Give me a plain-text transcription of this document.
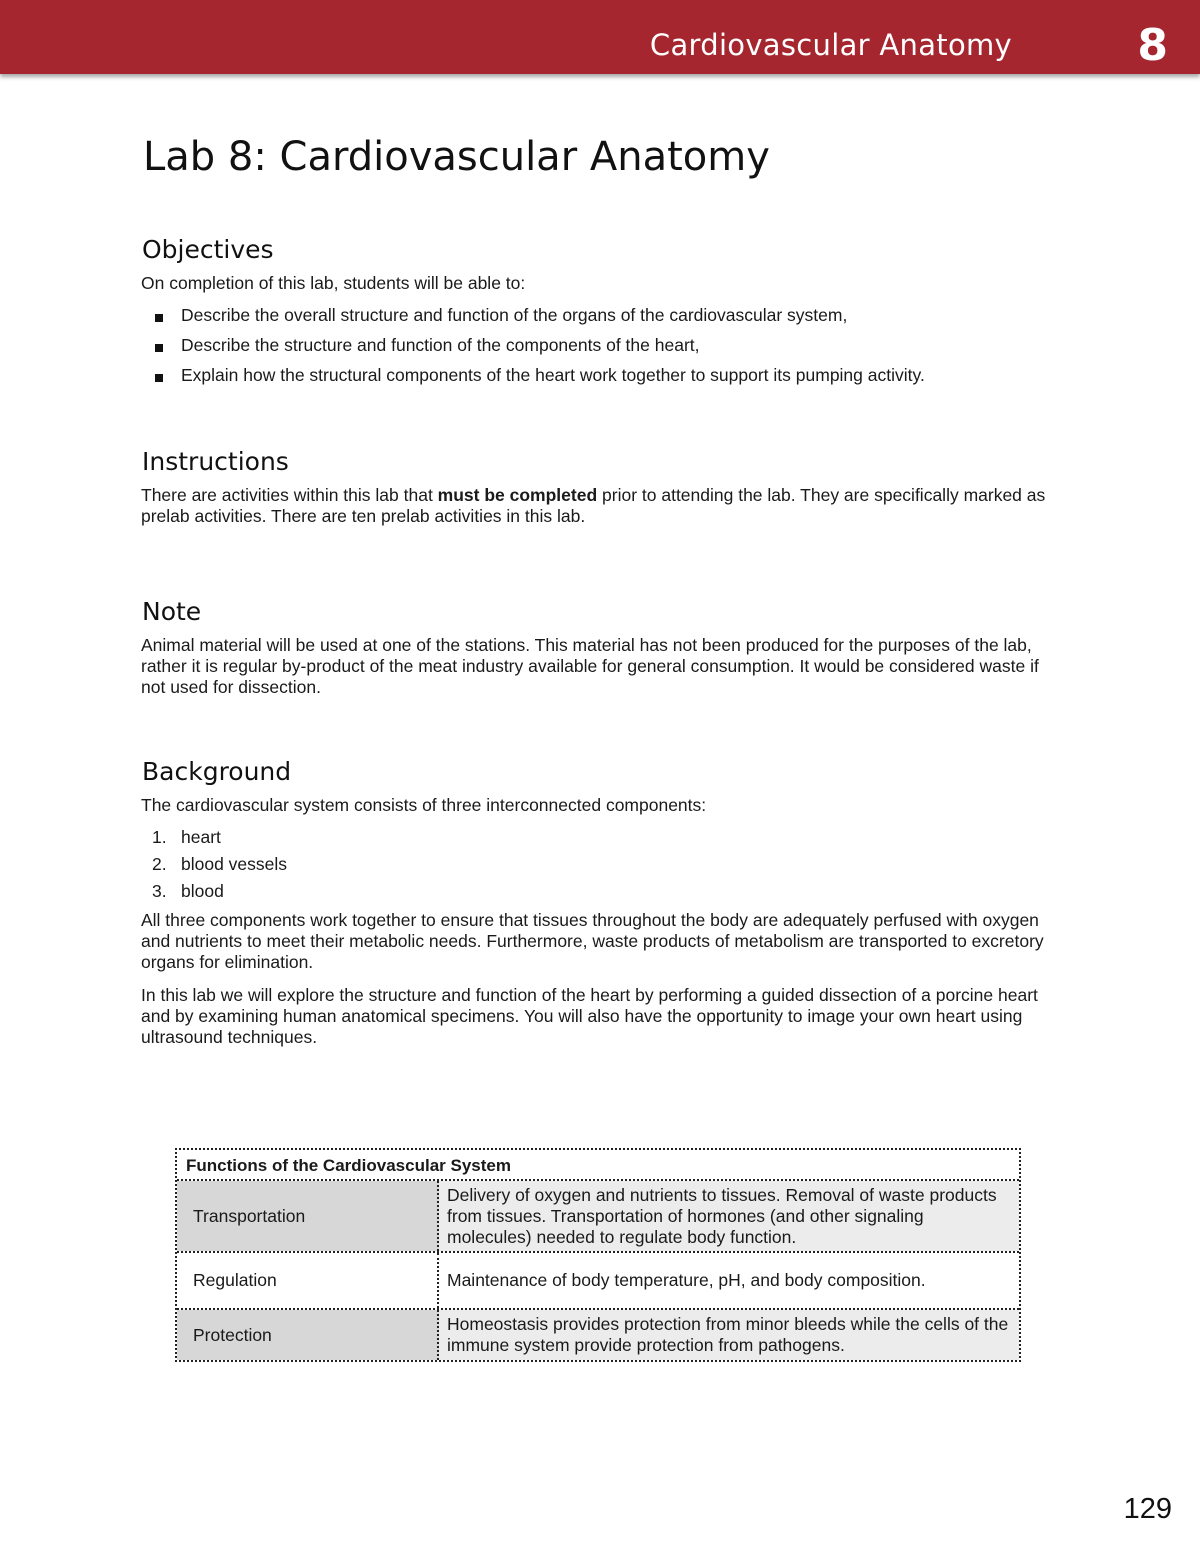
Cardiovascular Anatomy	8
Lab 8: Cardiovascular Anatomy
Objectives

On completion of this lab, students will be able to:

Describe the overall structure and function of the organs of the cardiovascular system,
Describe the structure and function of the components of the heart,
Explain how the structural components of the heart work together to support its pumping activity.
Instructions

There are activities within this lab that must be completed prior to attending the lab. They are specifically marked as prelab activities. There are ten prelab activities in this lab.

Note

Animal material will be used at one of the stations. This material has not been produced for the purposes of the lab, rather it is regular by-product of the meat industry available for general consumption. It would be considered waste if not used for dissection.

Background

The cardiovascular system consists of three interconnected components:

1. heart
2. blood vessels
3. blood

All three components work together to ensure that tissues throughout the body are adequately perfused with oxygen and nutrients to meet their metabolic needs. Furthermore, waste products of metabolism are transported to excretory organs for elimination.

In this lab we will explore the structure and function of the heart by performing a guided dissection of a porcine heart and by examining human anatomical specimens. You will also have the opportunity to image your own heart using ultrasound techniques.

Functions of the Cardiovascular System
Transportation
Delivery of oxygen and nutrients to tissues. Removal of waste products from tissues. Transportation of hormones (and other signaling molecules) needed to regulate body function.
Regulation	Maintenance of body temperature, pH, and body composition.
Protection
Homeostasis provides protection from minor bleeds while the cells of the immune system provide protection from pathogens.
129
